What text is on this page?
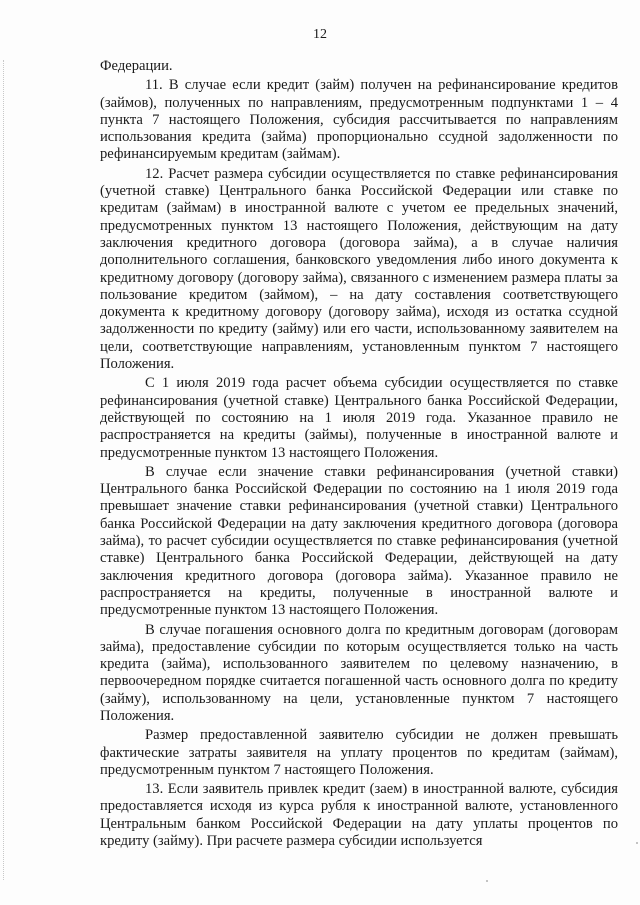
12

Федерации.

11. В случае если кредит (займ) получен на рефинансирование кредитов (займов), полученных по направлениям, предусмотренным подпунктами 1 – 4 пункта 7 настоящего Положения, субсидия рассчитывается по направлениям использования кредита (займа) пропорционально ссудной задолженности по рефинансируемым кредитам (займам).

12. Расчет размера субсидии осуществляется по ставке рефинансирования (учетной ставке) Центрального банка Российской Федерации или ставке по кредитам (займам) в иностранной валюте с учетом ее предельных значений, предусмотренных пунктом 13 настоящего Положения, действующим на дату заключения кредитного договора (договора займа), а в случае наличия дополнительного соглашения, банковского уведомления либо иного документа к кредитному договору (договору займа), связанного с изменением размера платы за пользование кредитом (займом), – на дату составления соответствующего документа к кредитному договору (договору займа), исходя из остатка ссудной задолженности по кредиту (займу) или его части, использованному заявителем на цели, соответствующие направлениям, установленным пунктом 7 настоящего Положения.

С 1 июля 2019 года расчет объема субсидии осуществляется по ставке рефинансирования (учетной ставке) Центрального банка Российской Федерации, действующей по состоянию на 1 июля 2019 года. Указанное правило не распространяется на кредиты (займы), полученные в иностранной валюте и предусмотренные пунктом 13 настоящего Положения.

В случае если значение ставки рефинансирования (учетной ставки) Центрального банка Российской Федерации по состоянию на 1 июля 2019 года превышает значение ставки рефинансирования (учетной ставки) Центрального банка Российской Федерации на дату заключения кредитного договора (договора займа), то расчет субсидии осуществляется по ставке рефинансирования (учетной ставке) Центрального банка Российской Федерации, действующей на дату заключения кредитного договора (договора займа). Указанное правило не распространяется на кредиты, полученные в иностранной валюте и предусмотренные пунктом 13 настоящего Положения.

В случае погашения основного долга по кредитным договорам (договорам займа), предоставление субсидии по которым осуществляется только на часть кредита (займа), использованного заявителем по целевому назначению, в первоочередном порядке считается погашенной часть основного долга по кредиту (займу), использованному на цели, установленные пунктом 7 настоящего Положения.

Размер предоставленной заявителю субсидии не должен превышать фактические затраты заявителя на уплату процентов по кредитам (займам), предусмотренным пунктом 7 настоящего Положения.

13. Если заявитель привлек кредит (заем) в иностранной валюте, субсидия предоставляется исходя из курса рубля к иностранной валюте, установленного Центральным банком Российской Федерации на дату уплаты процентов по кредиту (займу). При расчете размера субсидии используется
